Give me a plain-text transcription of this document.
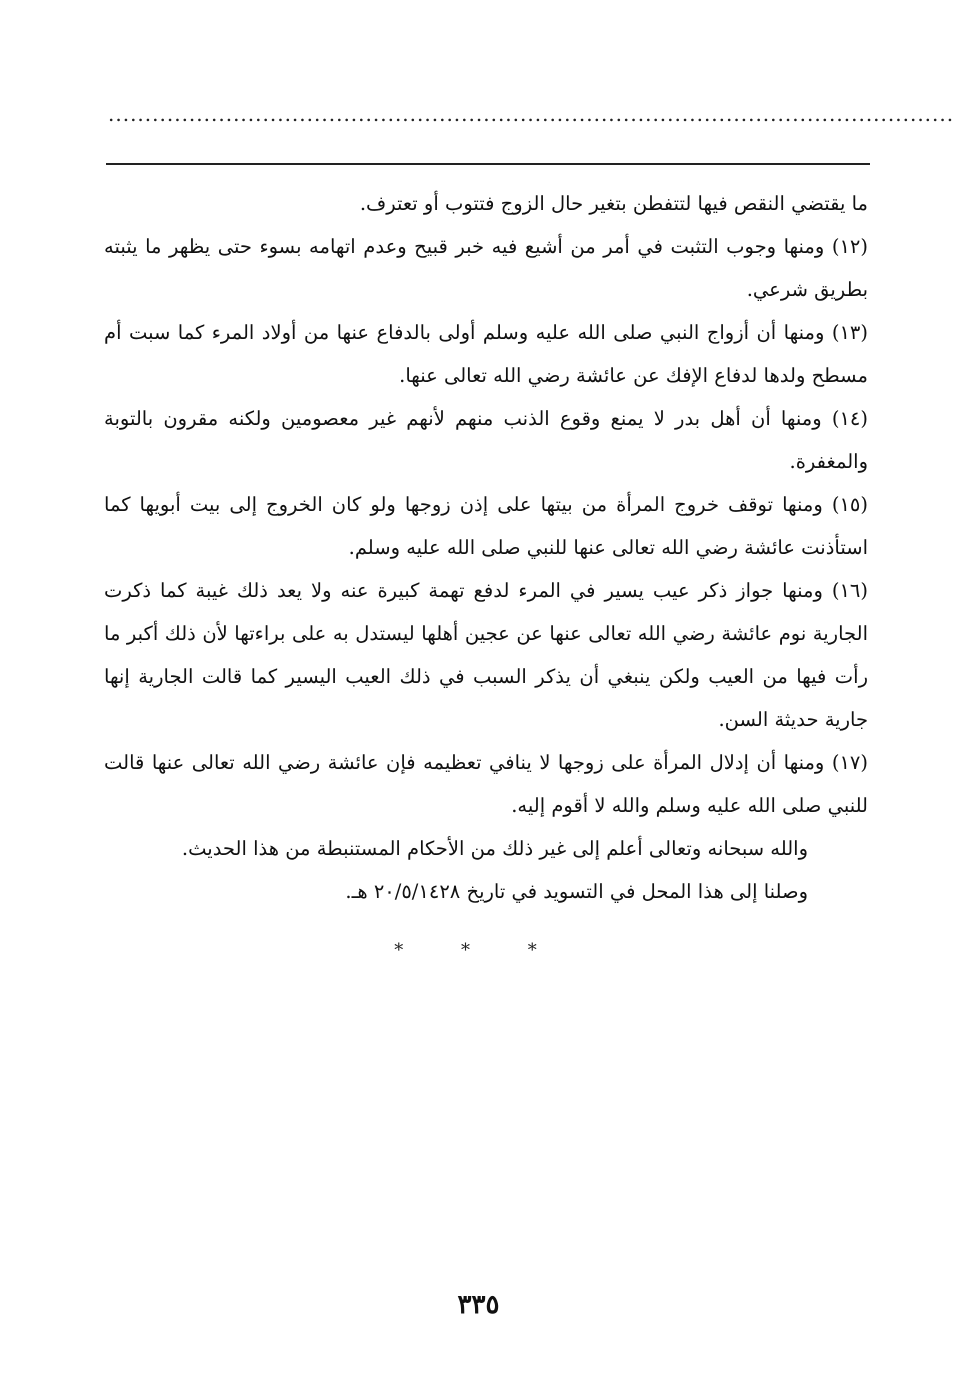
...................................................................................................................

ما يقتضي النقص فيها لتتفطن بتغير حال الزوج فتتوب أو تعترف.

(١٢) ومنها وجوب التثبت في أمر من أشيع فيه خبر قبيح وعدم اتهامه بسوء حتى يظهر ما يثبته بطريق شرعي.

(١٣) ومنها أن أزواج النبي صلى الله عليه وسلم أولى بالدفاع عنها من أولاد المرء كما سبت أم مسطح ولدها لدفاع الإفك عن عائشة رضي الله تعالى عنها.

(١٤) ومنها أن أهل بدر لا يمنع وقوع الذنب منهم لأنهم غير معصومين ولكنه مقرون بالتوبة والمغفرة.

(١٥) ومنها توقف خروج المرأة من بيتها على إذن زوجها ولو كان الخروج إلى بيت أبويها كما استأذنت عائشة رضي الله تعالى عنها للنبي صلى الله عليه وسلم.

(١٦) ومنها جواز ذكر عيب يسير في المرء لدفع تهمة كبيرة عنه ولا يعد ذلك غيبة كما ذكرت الجارية نوم عائشة رضي الله تعالى عنها عن عجين أهلها ليستدل به على براءتها لأن ذلك أكبر ما رأت فيها من العيب ولكن ينبغي أن يذكر السبب في ذلك العيب اليسير كما قالت الجارية إنها جارية حديثة السن.

(١٧) ومنها أن إدلال المرأة على زوجها لا ينافي تعظيمه فإن عائشة رضي الله تعالى عنها قالت للنبي صلى الله عليه وسلم والله لا أقوم إليه.

والله سبحانه وتعالى أعلم إلى غير ذلك من الأحكام المستنبطة من هذا الحديث.

وصلنا إلى هذا المحل في التسويد في تاريخ ٢٠/٥/١٤٢٨ هـ.

* * *
٣٣٥
